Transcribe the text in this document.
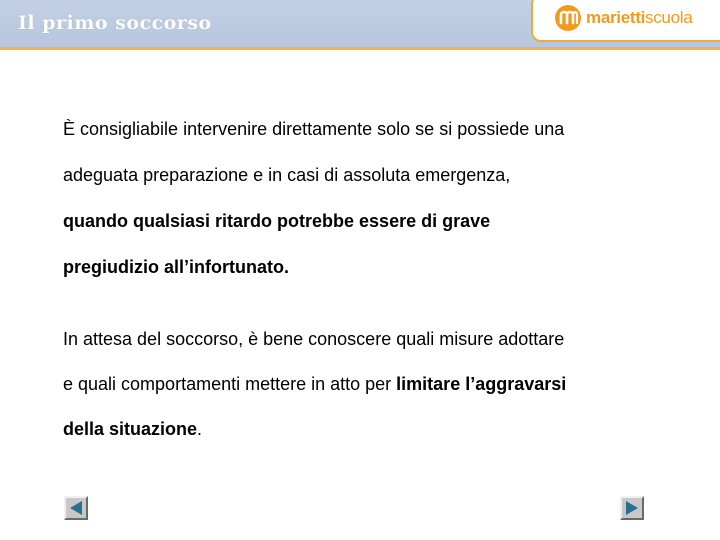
Il primo soccorso	mariettiscuola

È consigliabile intervenire direttamente solo se si possiede una

adeguata preparazione e in casi di assoluta emergenza,

quando qualsiasi ritardo potrebbe essere di grave

pregiudizio all’infortunato.

In attesa del soccorso, è bene conoscere quali misure adottare

e quali comportamenti mettere in atto per limitare l’aggravarsi

della situazione.
